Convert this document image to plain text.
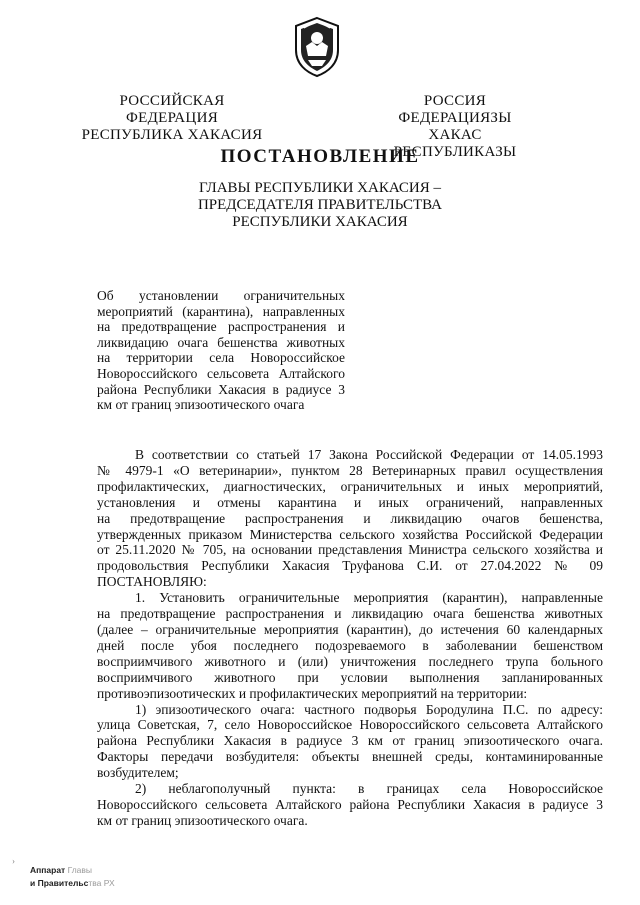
РОССИЙСКАЯ ФЕДЕРАЦИЯ
РЕСПУБЛИКА ХАКАСИЯ
РОССИЯ ФЕДЕРАЦИЯЗЫ
ХАКАС РЕСПУБЛИКАЗЫ
ПОСТАНОВЛЕНИЕ
ГЛАВЫ РЕСПУБЛИКИ ХАКАСИЯ –
ПРЕДСЕДАТЕЛЯ ПРАВИТЕЛЬСТВА
РЕСПУБЛИКИ ХАКАСИЯ
Об установлении ограничительных
мероприятий (карантина), направленных
на предотвращение распространения и
ликвидацию очага бешенства животных
на территории села Новороссийское
Новороссийского сельсовета Алтайского
района Республики Хакасия в радиусе 3
км от границ эпизоотического очага
В соответствии со статьей 17 Закона Российской Федерации от 14.05.1993
№ 4979-1 «О ветеринарии», пунктом 28 Ветеринарных правил осуществления
профилактических, диагностических, ограничительных и иных мероприятий,
установления и отмены карантина и иных ограничений, направленных
на предотвращение распространения и ликвидацию очагов бешенства,
утвержденных приказом Министерства сельского хозяйства Российской Федерации
от 25.11.2020 № 705, на основании представления Министра сельского хозяйства и
продовольствия Республики Хакасия Труфанова С.И. от 27.04.2022 № 09
ПОСТАНОВЛЯЮ:
1. Установить ограничительные мероприятия (карантин), направленные
на предотвращение распространения и ликвидацию очага бешенства животных
(далее – ограничительные мероприятия (карантин), до истечения 60 календарных
дней после убоя последнего подозреваемого в заболевании бешенством
восприимчивого животного и (или) уничтожения последнего трупа больного
восприимчивого животного при условии выполнения запланированных
противоэпизоотических и профилактических мероприятий на территории:
1) эпизоотического очага: частного подворья Бородулина П.С. по адресу:
улица Советская, 7, село Новороссийское Новороссийского сельсовета Алтайского
района Республики Хакасия в радиусе 3 км от границ эпизоотического очага.
Факторы передачи возбудителя: объекты внешней среды, контаминированные
возбудителем;
2) неблагополучный пункта: в границах села Новороссийское
Новороссийского сельсовета Алтайского района Республики Хакасия в радиусе 3
км от границ эпизоотического очага.
›
Аппарат Главы
и Правительства РХ
